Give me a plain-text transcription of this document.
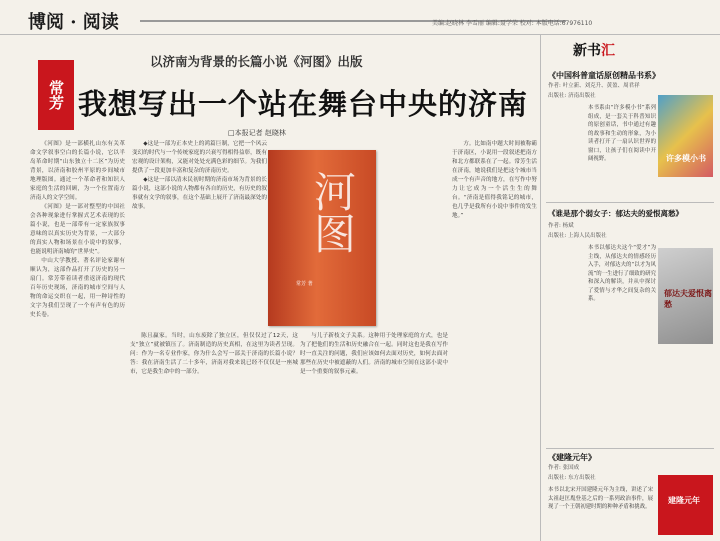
博阅 · 阅读	美编:赵晓林 李雪丽 编辑:聂学荣 校对: 本版电话:67976110
常芳
以济南为背景的长篇小说《河图》出版
我想写出一个站在舞台中央的济南
□本报记者 赵晓林

《河图》是一部横扎山东有关革命文学叙事空白的长篇小说，它以半岛革命时期“山东独立十二区”为历史背景，以济南和胶州平原的乡间城市地理版图。通过一个革命者和知识人家庭的生活的回顾，为一个位置南方济南人的文学空间。

《河图》是一部对整型的中国社会各种现象进行掌握式艺术表现的长篇小说，也是一部带有一定家族叙事意味的以真实历史为背景，一大部分的真实人物和场景在小说中的叙事，也能说明济南城的“世界史”。

中山大学教授、著名评论家谢有顺认为，这部作品打开了历史的另一扇门。常芳带着读者重返济南的现代百年历史现场，济南的城市空间与人物的命运交织在一起，用一种诗性的文字为我们呈现了一个有声有色的历史长卷。

◆这是一部为正本史上的鸿篇巨制，它把一个风云变幻的时代与一个传统家庭的兴衰写得相得益彰，既有宏观的设计架构，又能对处处充满色彩的细节。为我们提供了一段更加丰富和复杂的济南历史。

◆这是一部以清末民初时期的济南市场为背景的长篇小说，这部小说的人物都有各自的历史，有历史的叙事就有文学的叙事，在这个基础上展开了济南最深处的故事。	河图
常芳 著

陈且赢家。当时，山东废除了独立区，但仅仅过了12天，这支“独立”就被镇压了。济南制造的历史真相，在这里为读者呈现。问：作为一名专业作家，你为什么会写一部关于济南的长篇小说？答：我在济南生活了二十多年，济南对我来说已经不仅仅是一座城市，它是我生命中的一部分。

与儿子新枝文子关系。这种用于处理家庭的方式，也是为了把他们的生活和历史融合在一起。同时这也是我在写作时一直关注的问题，我们应该如何去面对历史，如何去面对那些在历史中被遮蔽的人们。济南的城市空间在这部小说中是一个重要的叙事元素。

方。比如南中题大时间被称霸于济南区，小说用一段叙述把南方和北方都联系在了一起。常芳生活在济南，她说我们是把这个城市当成一个有声音的地方，在写作中努力让它成为一个活生生的舞台。“济南是值得我铭记的城市，也几乎是我所有小说中事件的发生地。”

新书汇
《中国科普童话原创精品书系》
作者: 叶立新、刘克升、黄盈、周君祥
出版社: 济南出版社
本书系由“许多模小书”系列组成，是一套关于科普知识的原创童话，书中通过有趣的故事和生动的形象，为小读者打开了一扇认识世界的窗口，让孩子们在阅读中开阔视野。	许多模小书
《谁是那个弱女子：郁达夫的爱恨离愁》
作者: 杨斌
出版社: 上海人民出版社
本书以郁达夫这个“爱才”为主线，从郁达夫的情感经历入手，对郁达夫的“以才为风流”的一生进行了细致的研究和深入的解读，并从中探讨了爱情与才华之间复杂的关系。
郁达夫爱恨离愁
《建隆元年》
作者: 张国成
出版社: 东方出版社
本书以北宋开国建隆元年为主线，讲述了宋太祖赵匡胤登基之后的一系列政治事件，展现了一个王朝初建时期的种种矛盾和挑战。
建隆元年
